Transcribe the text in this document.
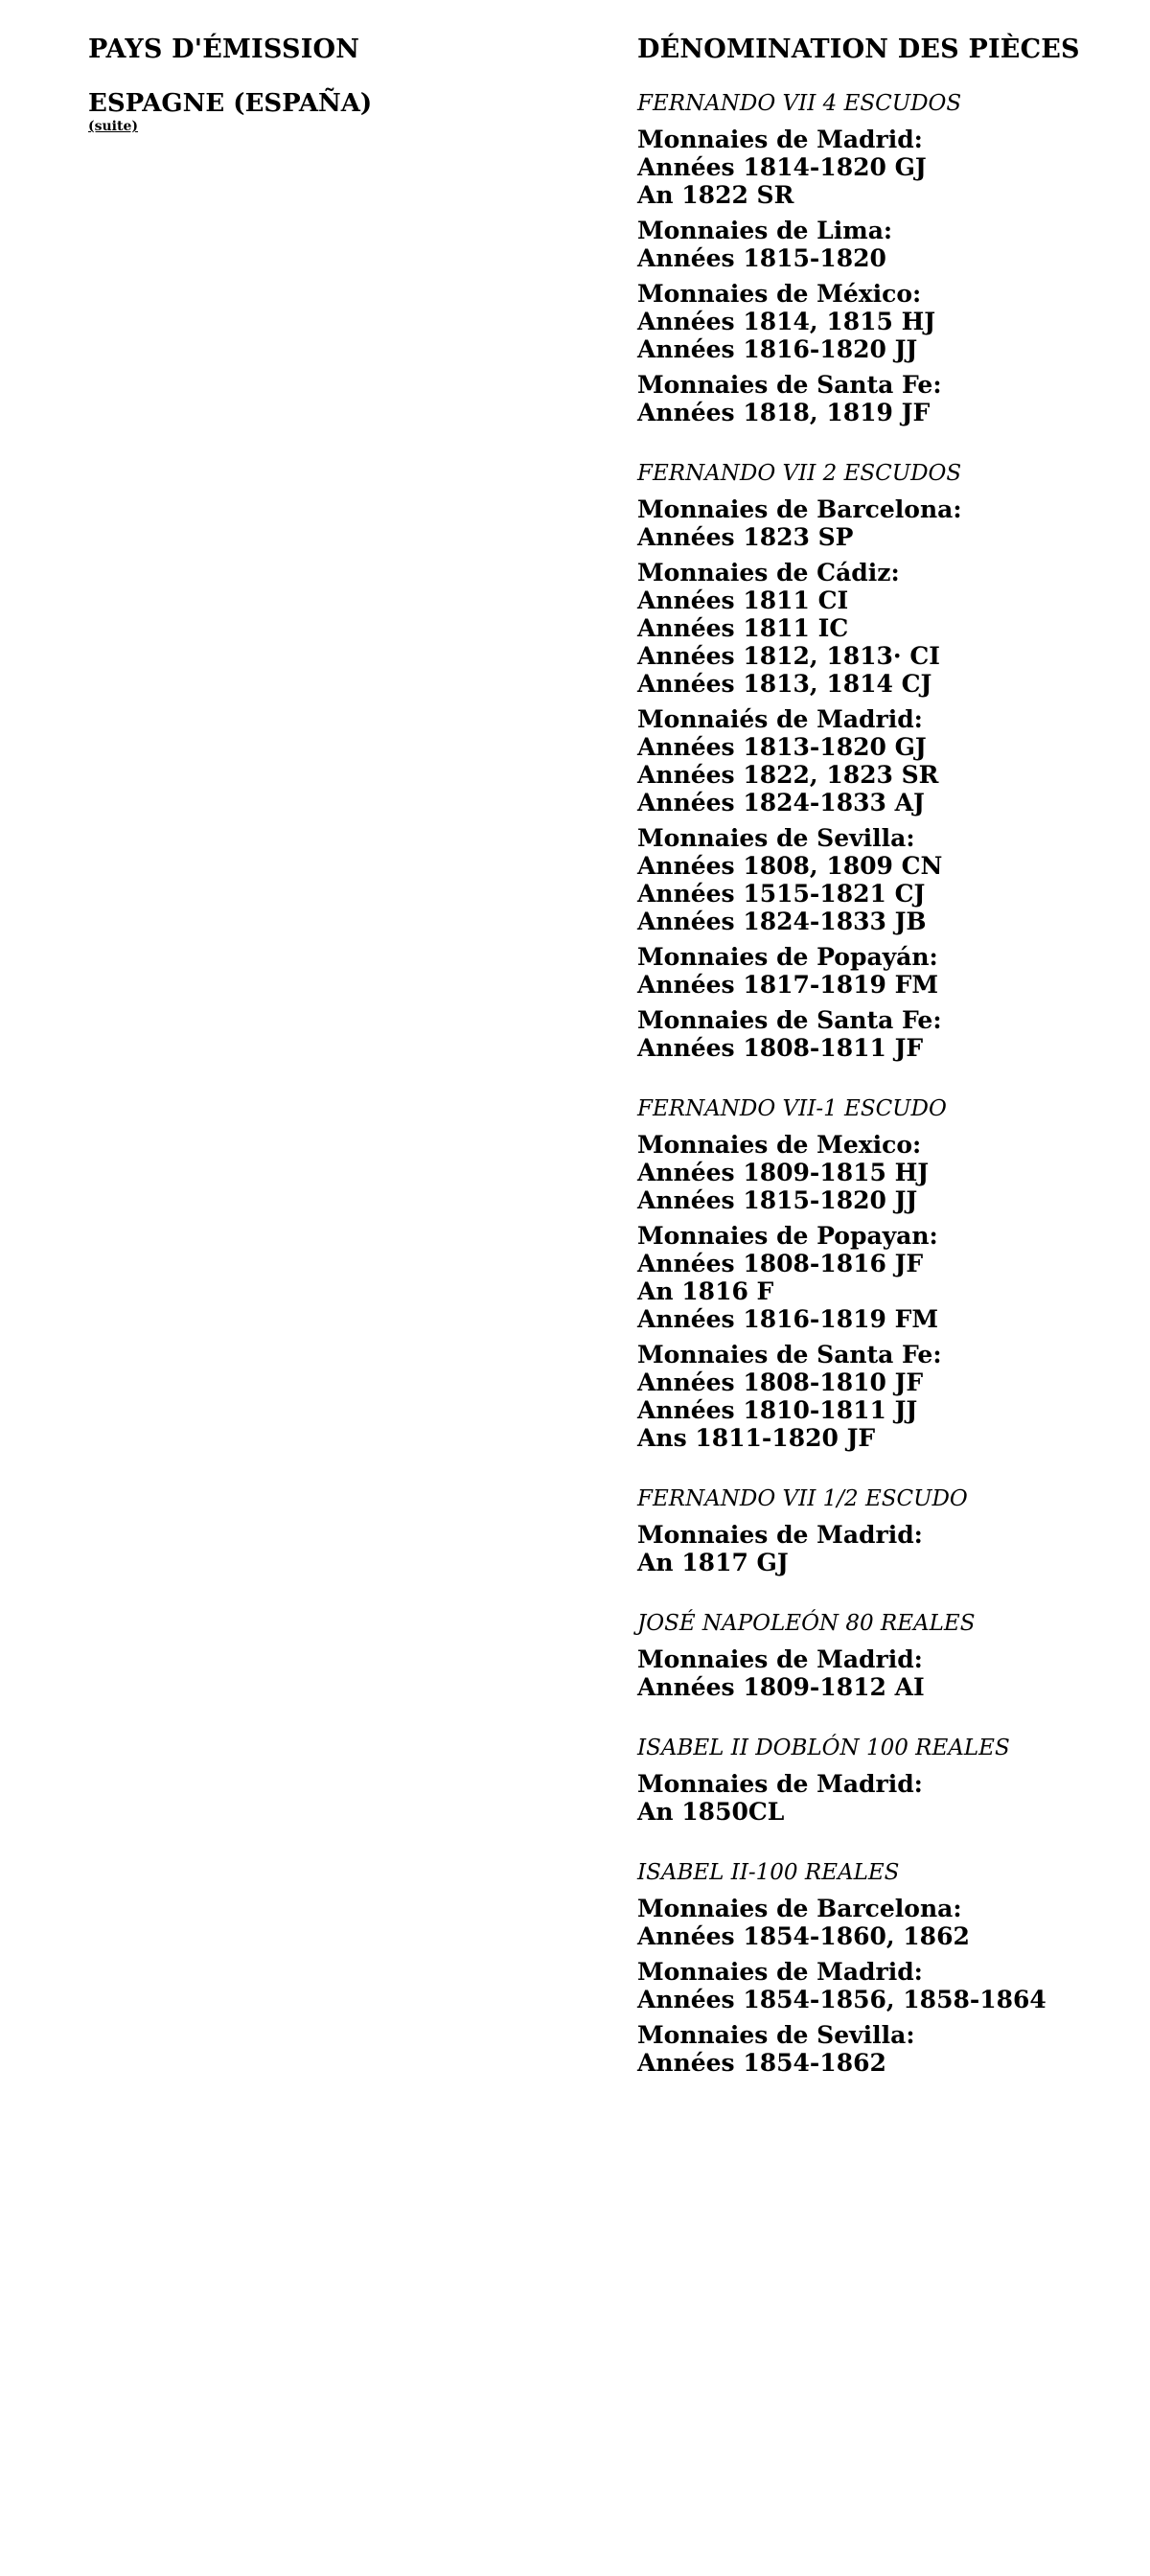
PAYS D'ÉMISSION
ESPAGNE (ESPAÑA)
(suite)
DÉNOMINATION DES PIÈCES
FERNANDO VII 4 ESCUDOS
Monnaies de Madrid:
Années 1814-1820 GJ
An 1822 SR
Monnaies de Lima:
Années 1815-1820
Monnaies de México:
Années 1814, 1815 HJ
Années 1816-1820 JJ
Monnaies de Santa Fe:
Années 1818, 1819 JF
FERNANDO VII 2 ESCUDOS
Monnaies de Barcelona:
Années 1823 SP
Monnaies de Cádiz:
Années 1811 CI
Années 1811 IC
Années 1812, 1813· CI
Années 1813, 1814 CJ
Monnaiés de Madrid:
Années 1813-1820 GJ
Années 1822, 1823 SR
Années 1824-1833 AJ
Monnaies de Sevilla:
Années 1808, 1809 CN
Années 1515-1821 CJ
Années 1824-1833 JB
Monnaies de Popayán:
Années 1817-1819 FM
Monnaies de Santa Fe:
Années 1808-1811 JF
FERNANDO VII-1 ESCUDO
Monnaies de Mexico:
Années 1809-1815 HJ
Années 1815-1820 JJ
Monnaies de Popayan:
Années 1808-1816 JF
An 1816 F
Années 1816-1819 FM
Monnaies de Santa Fe:
Années 1808-1810 JF
Années 1810-1811 JJ
Ans 1811-1820 JF
FERNANDO VII 1/2 ESCUDO
Monnaies de Madrid:
An 1817 GJ
JOSÉ NAPOLEÓN 80 REALES
Monnaies de Madrid:
Années 1809-1812 AI
ISABEL II DOBLÓN 100 REALES
Monnaies de Madrid:
An 1850CL
ISABEL II-100 REALES
Monnaies de Barcelona:
Années 1854-1860, 1862
Monnaies de Madrid:
Années 1854-1856, 1858-1864
Monnaies de Sevilla:
Années 1854-1862
